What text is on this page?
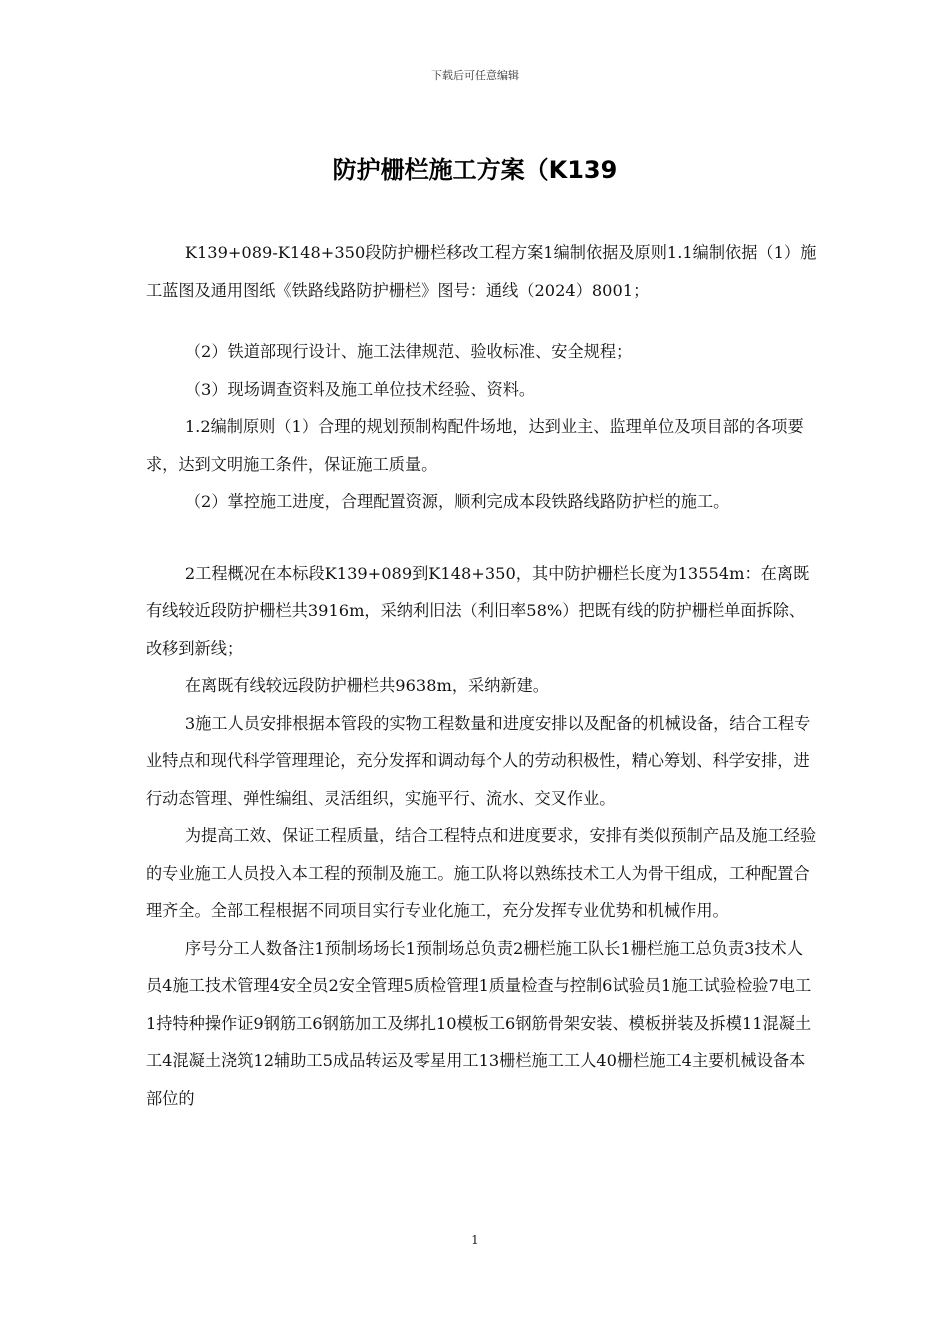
下载后可任意编辑
防护栅栏施工方案（K139

K139+089-K148+350段防护栅栏移改工程方案1编制依据及原则1.1编制依据（1）施工蓝图及通用图纸《铁路线路防护栅栏》图号：通线（2024）8001；

（2）铁道部现行设计、施工法律规范、验收标准、安全规程；

（3）现场调查资料及施工单位技术经验、资料。

1.2编制原则（1）合理的规划预制构配件场地，达到业主、监理单位及项目部的各项要求，达到文明施工条件，保证施工质量。

（2）掌控施工进度，合理配置资源，顺利完成本段铁路线路防护栏的施工。

2工程概况在本标段K139+089到K148+350，其中防护栅栏长度为13554m：在离既有线较近段防护栅栏共3916m，采纳利旧法（利旧率58%）把既有线的防护栅栏单面拆除、改移到新线；

在离既有线较远段防护栅栏共9638m，采纳新建。

3施工人员安排根据本管段的实物工程数量和进度安排以及配备的机械设备，结合工程专业特点和现代科学管理理论，充分发挥和调动每个人的劳动积极性，精心筹划、科学安排，进行动态管理、弹性编组、灵活组织，实施平行、流水、交叉作业。

为提高工效、保证工程质量，结合工程特点和进度要求，安排有类似预制产品及施工经验的专业施工人员投入本工程的预制及施工。施工队将以熟练技术工人为骨干组成，工种配置合理齐全。全部工程根据不同项目实行专业化施工，充分发挥专业优势和机械作用。

序号分工人数备注1预制场场长1预制场总负责2栅栏施工队长1栅栏施工总负责3技术人员4施工技术管理4安全员2安全管理5质检管理1质量检查与控制6试验员1施工试验检验7电工1持特种操作证9钢筋工6钢筋加工及绑扎10模板工6钢筋骨架安装、模板拼装及拆模11混凝土工4混凝土浇筑12辅助工5成品转运及零星用工13栅栏施工工人40栅栏施工4主要机械设备本部位的

1
